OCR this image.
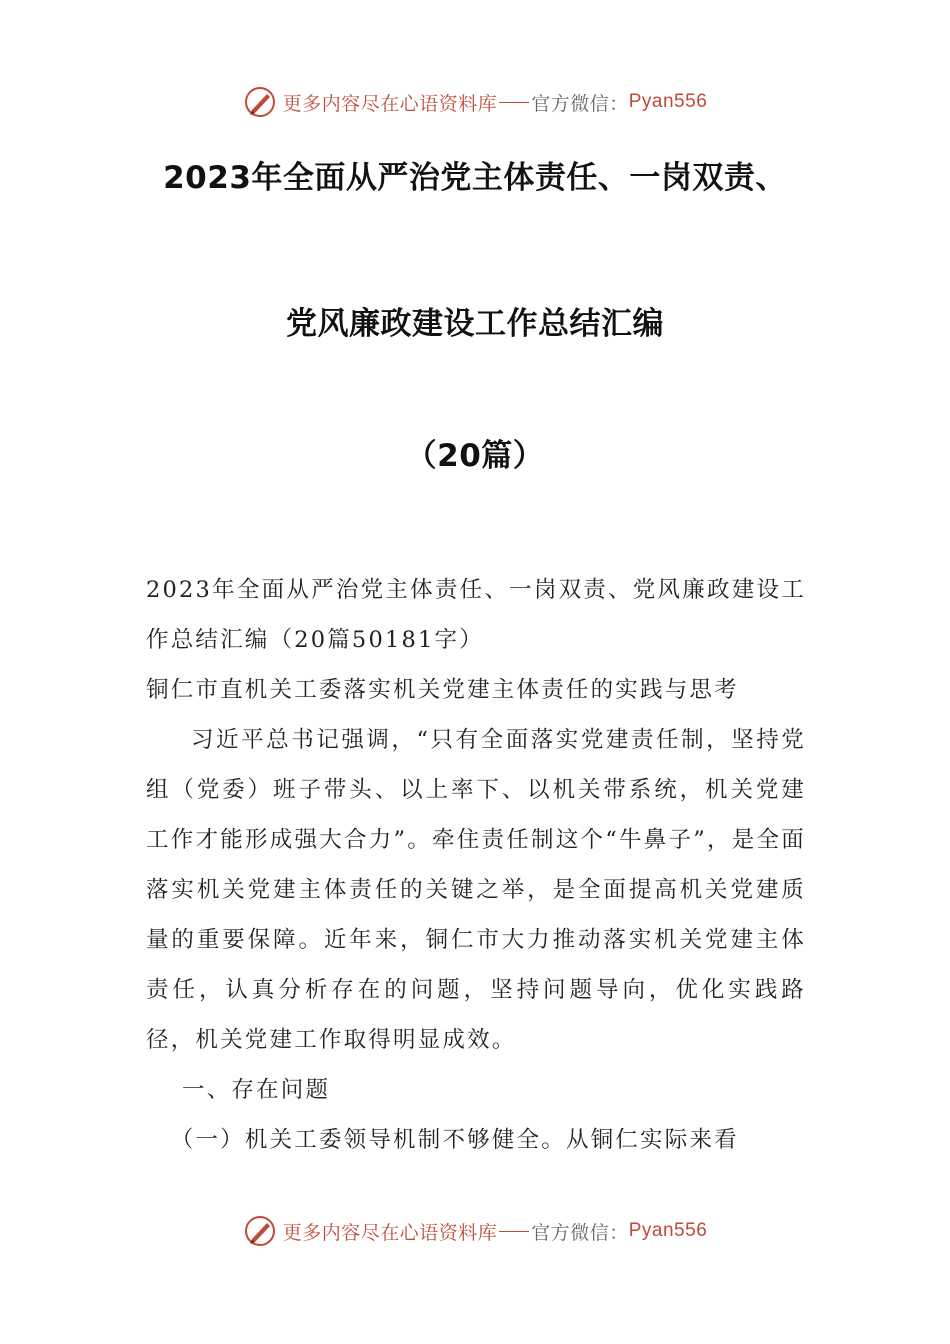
更多内容尽在心语资料库 官方微信： Pyan556
2023年全面从严治党主体责任、一岗双责、
党风廉政建设工作总结汇编
（20篇）

2023年全面从严治党主体责任、一岗双责、党风廉政建设工作总结汇编（20篇50181字）

铜仁市直机关工委落实机关党建主体责任的实践与思考

习近平总书记强调，“只有全面落实党建责任制，坚持党组（党委）班子带头、以上率下、以机关带系统，机关党建工作才能形成强大合力”。牵住责任制这个“牛鼻子”，是全面落实机关党建主体责任的关键之举，是全面提高机关党建质量的重要保障。近年来，铜仁市大力推动落实机关党建主体责任，认真分析存在的问题，坚持问题导向，优化实践路径，机关党建工作取得明显成效。

一、存在问题

（一）机关工委领导机制不够健全。从铜仁实际来看

更多内容尽在心语资料库 官方微信： Pyan556
